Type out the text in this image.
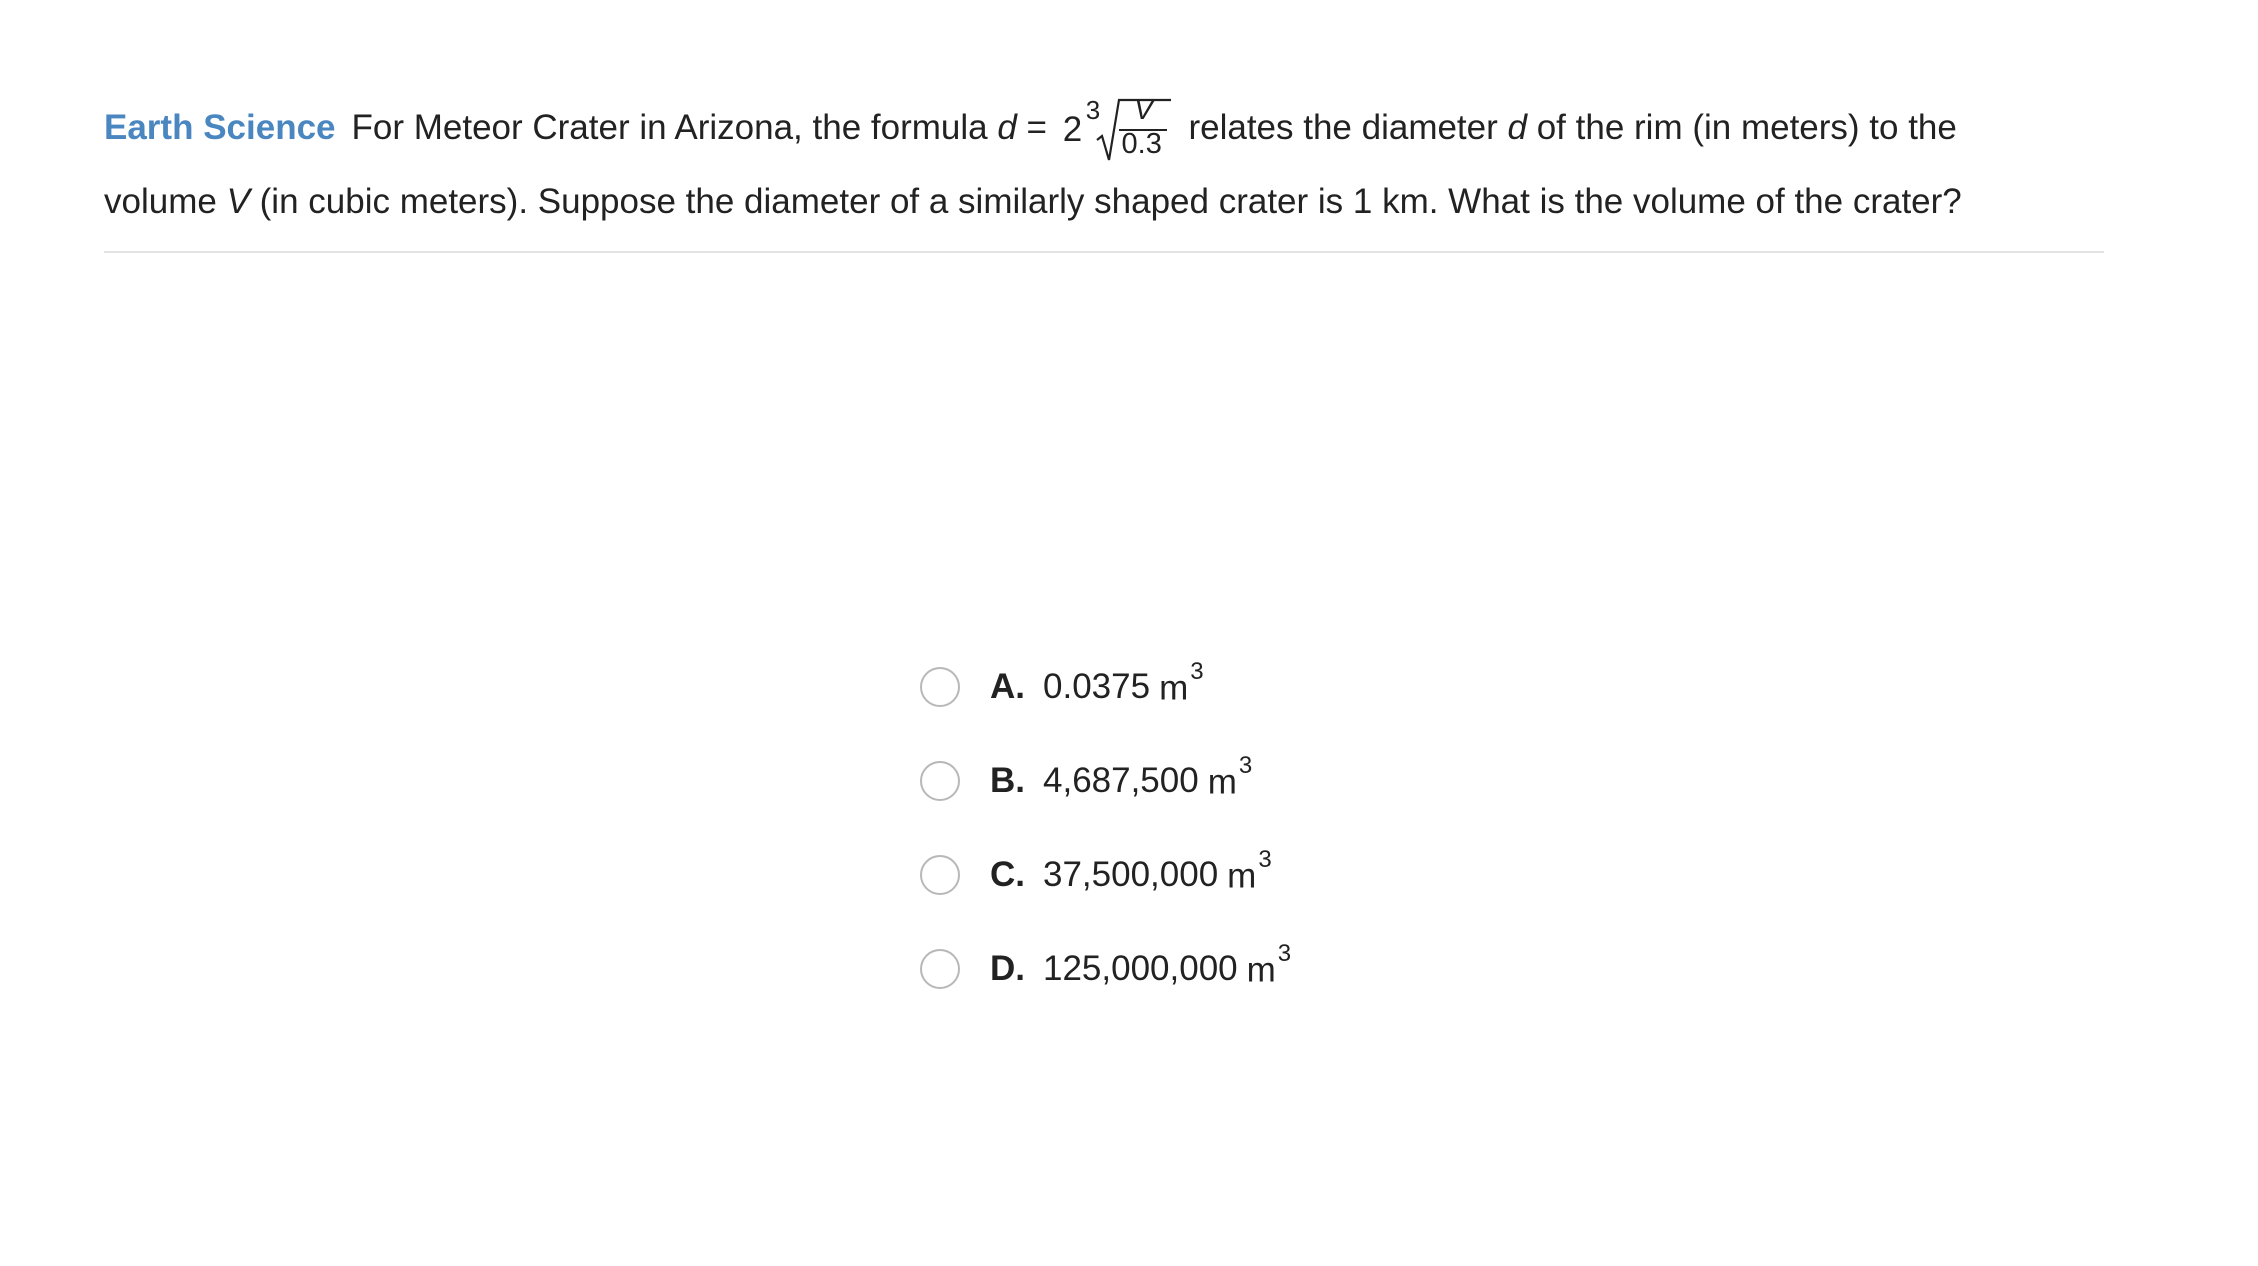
Earth Science For Meteor Crater in Arizona, the formula d = 2 3	V
0.3 relates the diameter d of the rim (in meters) to the
volume V (in cubic meters). Suppose the diameter of a similarly shaped crater is 1 km. What is the volume of the crater?
A. 0.0375 $m^3$
B. 4,687,500 $m^3$
C. 37,500,000 $m^3$
D. 125,000,000 $m^3$
